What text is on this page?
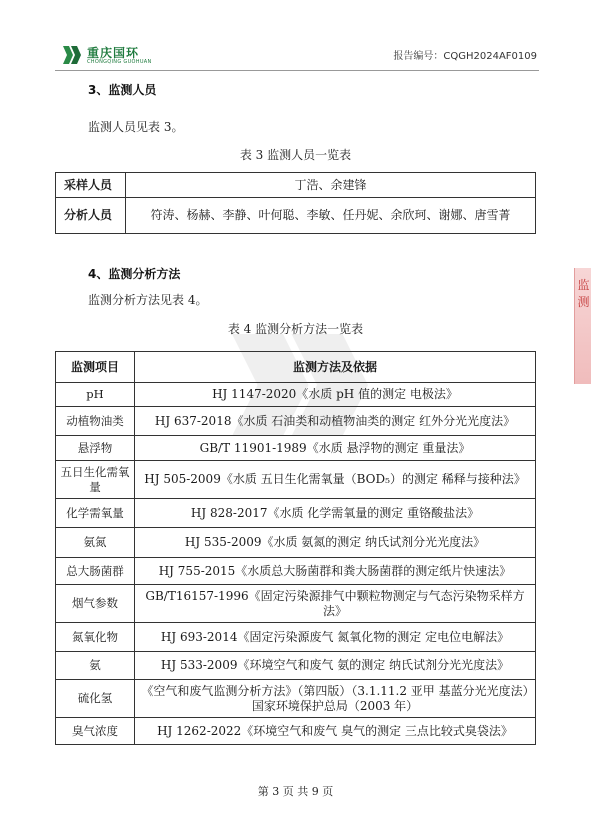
监测
重庆国环
CHONGQING GUOHUAN	报告编号：CQGH2024AF0109
3、监测人员
监测人员见表 3。
表 3 监测人员一览表
采样人员	丁浩、余建锋
分析人员	符涛、杨赫、李静、叶何聪、李敏、任丹妮、余欣珂、谢娜、唐雪菁
4、监测分析方法
监测分析方法见表 4。
表 4 监测分析方法一览表
监测项目	监测方法及依据
pH	HJ 1147-2020《水质 pH 值的测定 电极法》
动植物油类	HJ 637-2018《水质 石油类和动植物油类的测定 红外分光光度法》
悬浮物	GB/T 11901-1989《水质 悬浮物的测定 重量法》
五日生化需氧量	HJ 505-2009《水质 五日生化需氧量（BOD₅）的测定 稀释与接种法》
化学需氧量	HJ 828-2017《水质 化学需氧量的测定 重铬酸盐法》
氨氮	HJ 535-2009《水质 氨氮的测定 纳氏试剂分光光度法》
总大肠菌群	HJ 755-2015《水质总大肠菌群和粪大肠菌群的测定纸片快速法》
烟气参数	GB/T16157-1996《固定污染源排气中颗粒物测定与气态污染物采样方法》
氮氧化物	HJ 693-2014《固定污染源废气 氮氧化物的测定 定电位电解法》
氨	HJ 533-2009《环境空气和废气 氨的测定 纳氏试剂分光光度法》
硫化氢	《空气和废气监测分析方法》（第四版）（3.1.11.2 亚甲 基蓝分光光度法）国家环境保护总局（2003 年）
臭气浓度	HJ 1262-2022《环境空气和废气 臭气的测定 三点比较式臭袋法》
第 3 页 共 9 页
